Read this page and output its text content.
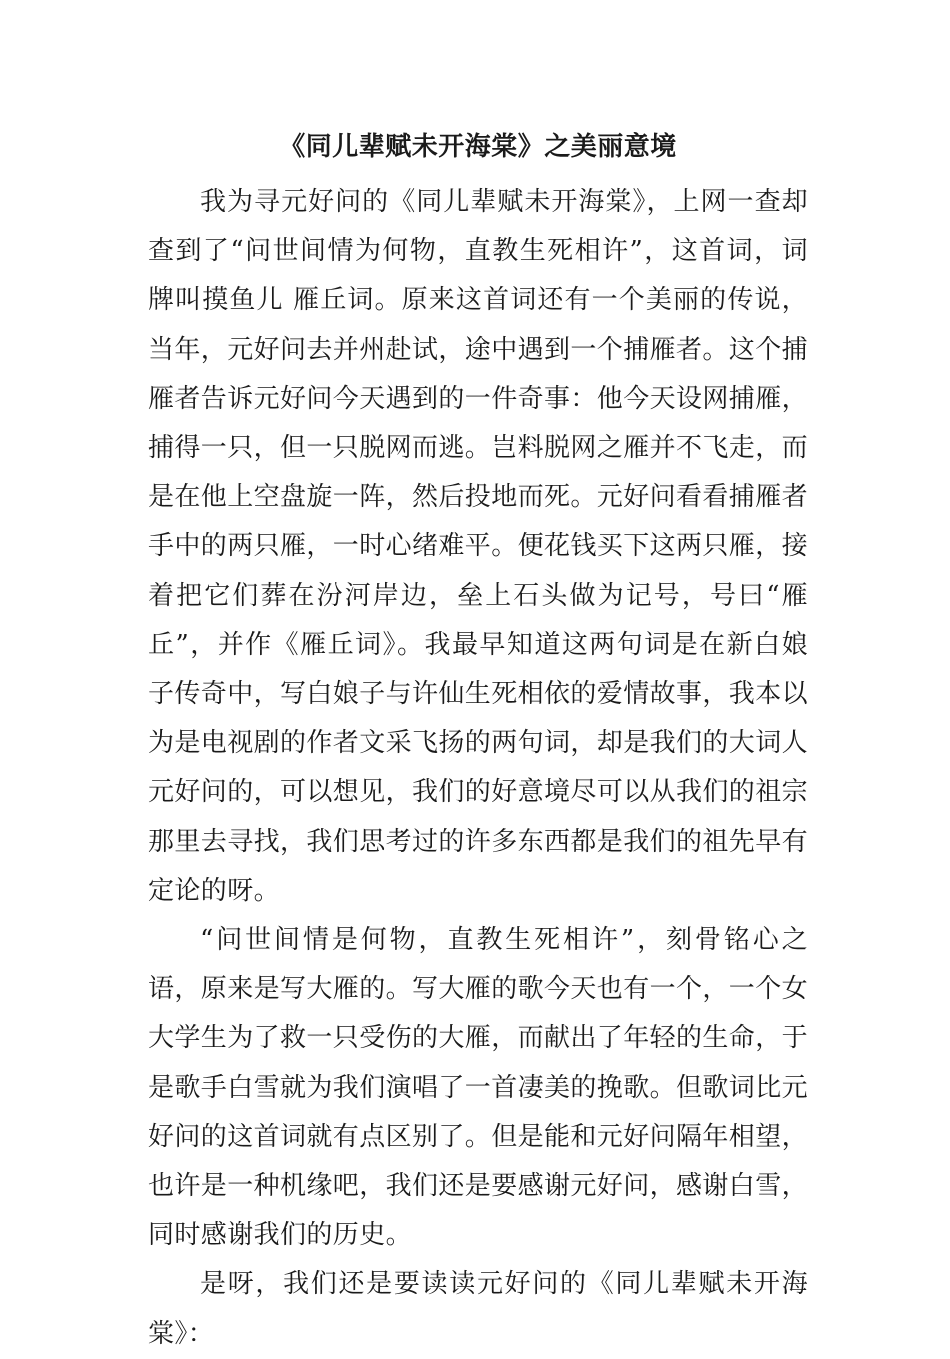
《同儿辈赋未开海棠》之美丽意境

我为寻元好问的《同儿辈赋未开海棠》，上网一查却查到了“问世间情为何物，直教生死相许”，这首词，词牌叫摸鱼儿 雁丘词。原来这首词还有一个美丽的传说，当年，元好问去并州赴试，途中遇到一个捕雁者。这个捕雁者告诉元好问今天遇到的一件奇事：他今天设网捕雁，捕得一只，但一只脱网而逃。岂料脱网之雁并不飞走，而是在他上空盘旋一阵，然后投地而死。元好问看看捕雁者手中的两只雁，一时心绪难平。便花钱买下这两只雁，接着把它们葬在汾河岸边，垒上石头做为记号，号曰“雁丘”，并作《雁丘词》。我最早知道这两句词是在新白娘子传奇中，写白娘子与许仙生死相依的爱情故事，我本以为是电视剧的作者文采飞扬的两句词，却是我们的大词人元好问的，可以想见，我们的好意境尽可以从我们的祖宗那里去寻找，我们思考过的许多东西都是我们的祖先早有定论的呀。

“问世间情是何物，直教生死相许”，刻骨铭心之语，原来是写大雁的。写大雁的歌今天也有一个，一个女大学生为了救一只受伤的大雁，而献出了年轻的生命，于是歌手白雪就为我们演唱了一首凄美的挽歌。但歌词比元好问的这首词就有点区别了。但是能和元好问隔年相望，也许是一种机缘吧，我们还是要感谢元好问，感谢白雪，同时感谢我们的历史。

是呀，我们还是要读读元好问的《同儿辈赋未开海棠》：
